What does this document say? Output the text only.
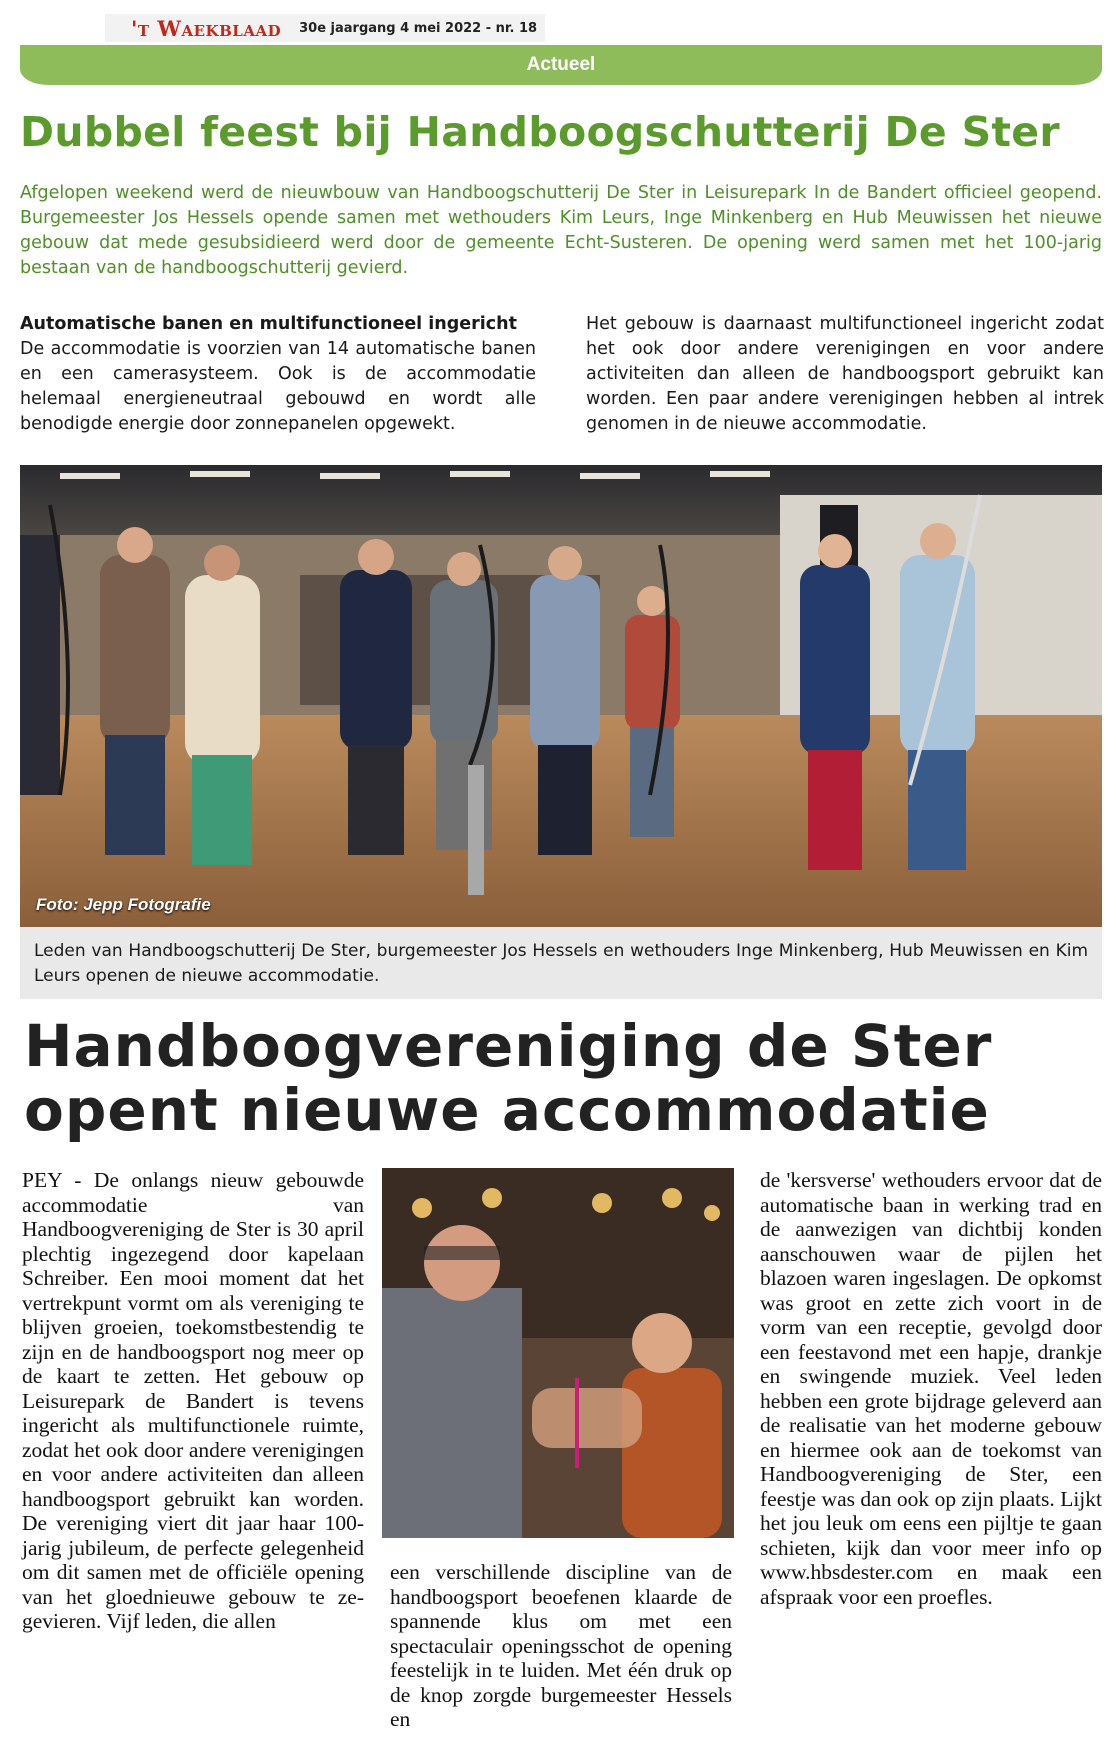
't Waekblaad 30e jaargang 4 mei 2022 - nr. 18
Actueel
Dubbel feest bij Handboogschutterij De Ster

Afgelopen weekend werd de nieuwbouw van Handboogschutterij De Ster in Leisurepark In de Bandert officieel geopend. Burgemeester Jos Hessels opende samen met wethouders Kim Leurs, Inge Minkenberg en Hub Meuwissen het nieuwe gebouw dat mede gesubsidieerd werd door de gemeente Echt-Susteren. De opening werd samen met het 100-jarig bestaan van de handboogschutterij gevierd.

Automatische banen en multifunctioneel ingericht
De accommodatie is voorzien van 14 automatische banen en een camerasysteem. Ook is de accommodatie helemaal energieneutraal gebouwd en wordt alle benodigde energie door zonnepanelen opgewekt.

Het gebouw is daarnaast multifunctioneel ingericht zodat het ook door andere verenigingen en voor andere activiteiten dan alleen de handboogsport gebruikt kan worden. Een paar andere verenigingen hebben al intrek genomen in de nieuwe accommodatie.

Foto: Jepp Fotografie

Leden van Handboogschutterij De Ster, burgemeester Jos Hessels en wethouders Inge Minkenberg, Hub Meuwissen en Kim Leurs openen de nieuwe accommodatie.

Handboogvereniging de Ster opent nieuwe accommodatie

PEY - De onlangs nieuw gebouwde accommodatie van Handboogvereniging de Ster is 30 april plechtig ingezegend door kapelaan Schreiber. Een mooi moment dat het vertrekpunt vormt om als vereniging te blijven groeien, toekomstbestendig te zijn en de handboogsport nog meer op de kaart te zetten. Het gebouw op Leisurepark de Bandert is tevens ingericht als multifunctionele ruimte, zodat het ook door andere verenigingen en voor andere activiteiten dan alleen handboogsport gebruikt kan worden. De vereniging viert dit jaar haar 100-jarig jubileum, de perfecte gelegenheid om dit samen met de officiële opening van het gloednieuwe gebouw te zegevieren. Vijf leden, die allen

een verschillende discipline van de handboogsport beoefenen klaarde de spannende klus om met een spectaculair openingsschot de opening feestelijk in te luiden. Met één druk op de knop zorgde burgemeester Hessels en

de 'kersverse' wethouders ervoor dat de automatische baan in werking trad en de aanwezigen van dichtbij konden aanschouwen waar de pijlen het blazoen waren ingeslagen. De opkomst was groot en zette zich voort in de vorm van een receptie, gevolgd door een feestavond met een hapje, drankje en swingende muziek. Veel leden hebben een grote bijdrage geleverd aan de realisatie van het moderne gebouw en hiermee ook aan de toekomst van Handboogvereniging de Ster, een feestje was dan ook op zijn plaats. Lijkt het jou leuk om eens een pijltje te gaan schieten, kijk dan voor meer info op www.hbsdester.com en maak een afspraak voor een proefles.
